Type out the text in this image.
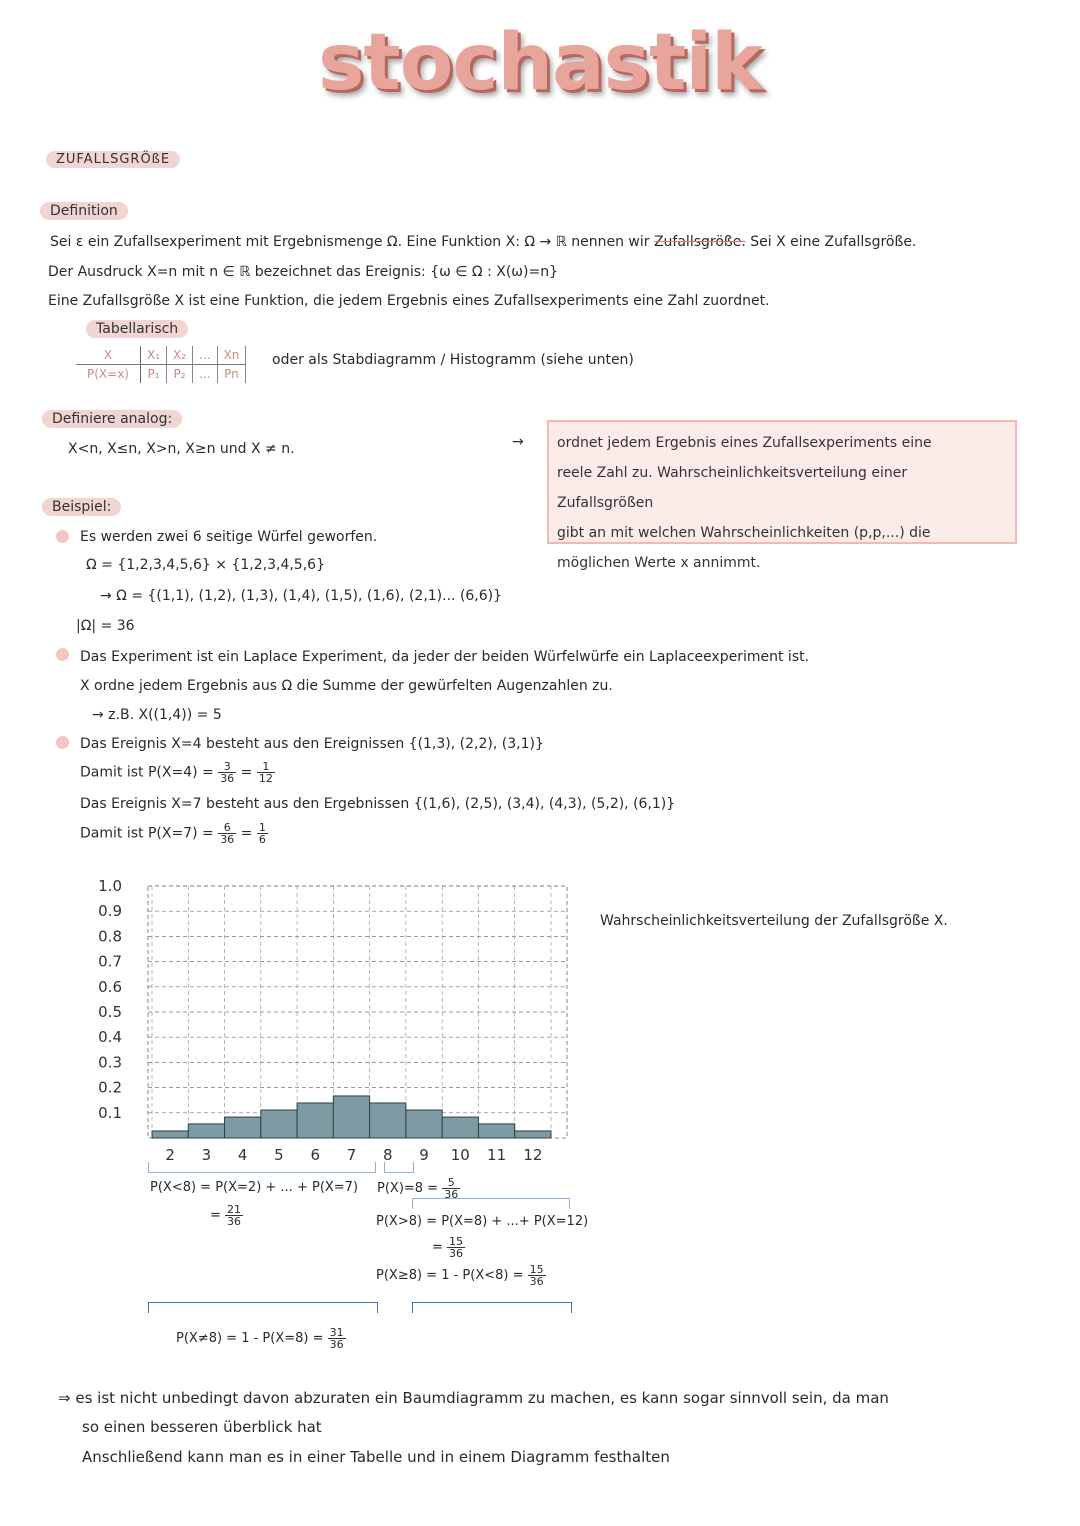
stochastik
ZUFALLSGRÖßE
Definition
Sei ε ein Zufallsexperiment mit Ergebnismenge Ω. Eine Funktion X: Ω → ℝ nennen wir Zufallsgröße. Sei X eine Zufallsgröße.
Der Ausdruck X=n mit n ∈ ℝ bezeichnet das Ereignis: {ω ∈ Ω : X(ω)=n}
Eine Zufallsgröße X ist eine Funktion, die jedem Ergebnis eines Zufallsexperiments eine Zahl zuordnet.
Tabellarisch
X	X₁	X₂	...	Xn
P(X=x)	P₁	P₂	...	Pn
oder als Stabdiagramm / Histogramm (siehe unten)
Definiere analog:
X<n, X≤n, X>n, X≥n und X ≠ n.	→ ordnet jedem Ergebnis eines Zufallsexperiments eine
reele Zahl zu. Wahrscheinlichkeitsverteilung einer Zufallsgrößen
gibt an mit welchen Wahrscheinlichkeiten (p,p,...) die
möglichen Werte x annimmt.
Beispiel:
Es werden zwei 6 seitige Würfel geworfen.
Ω = {1,2,3,4,5,6} × {1,2,3,4,5,6}
→ Ω = {(1,1), (1,2), (1,3), (1,4), (1,5), (1,6), (2,1)... (6,6)}
|Ω| = 36
Das Experiment ist ein Laplace Experiment, da jeder der beiden Würfelwürfe ein Laplaceexperiment ist.
X ordne jedem Ergebnis aus Ω die Summe der gewürfelten Augenzahlen zu.
→ z.B. X((1,4)) = 5
Das Ereignis X=4 besteht aus den Ereignissen {(1,3), (2,2), (3,1)}
Damit ist $P(X=4) = \frac{3}{36} = \frac{1}{12}$
Das Ereignis X=7 besteht aus den Ergebnissen {(1,6), (2,5), (3,4), (4,3), (5,2), (6,1)}
Damit ist $P(X=7) = \frac{6}{36} = \frac{1}{6}$
0.1
0.2
0.3
0.4
0.5
0.6
0.7
0.8
0.9
1.0
2 3 4 5 6 7 8 9 10 11 12
Wahrscheinlichkeitsverteilung der Zufallsgröße X.
P(X<8) = P(X=2) + ... + P(X=7) $P(X)=8 = \frac{5}{36}$
= $\frac{21}{36}$	P(X>8) = P(X=8) + ...+ P(X=12)
= $\frac{15}{36}$
$P(X\ge 8) = 1 - P(X<8) = \frac{15}{36}$
$P(X\ne 8) = 1 - P(X=8) = \frac{31}{36}$
⇒ es ist nicht unbedingt davon abzuraten ein Baumdiagramm zu machen, es kann sogar sinnvoll sein, da man
so einen besseren überblick hat
Anschließend kann man es in einer Tabelle und in einem Diagramm festhalten
